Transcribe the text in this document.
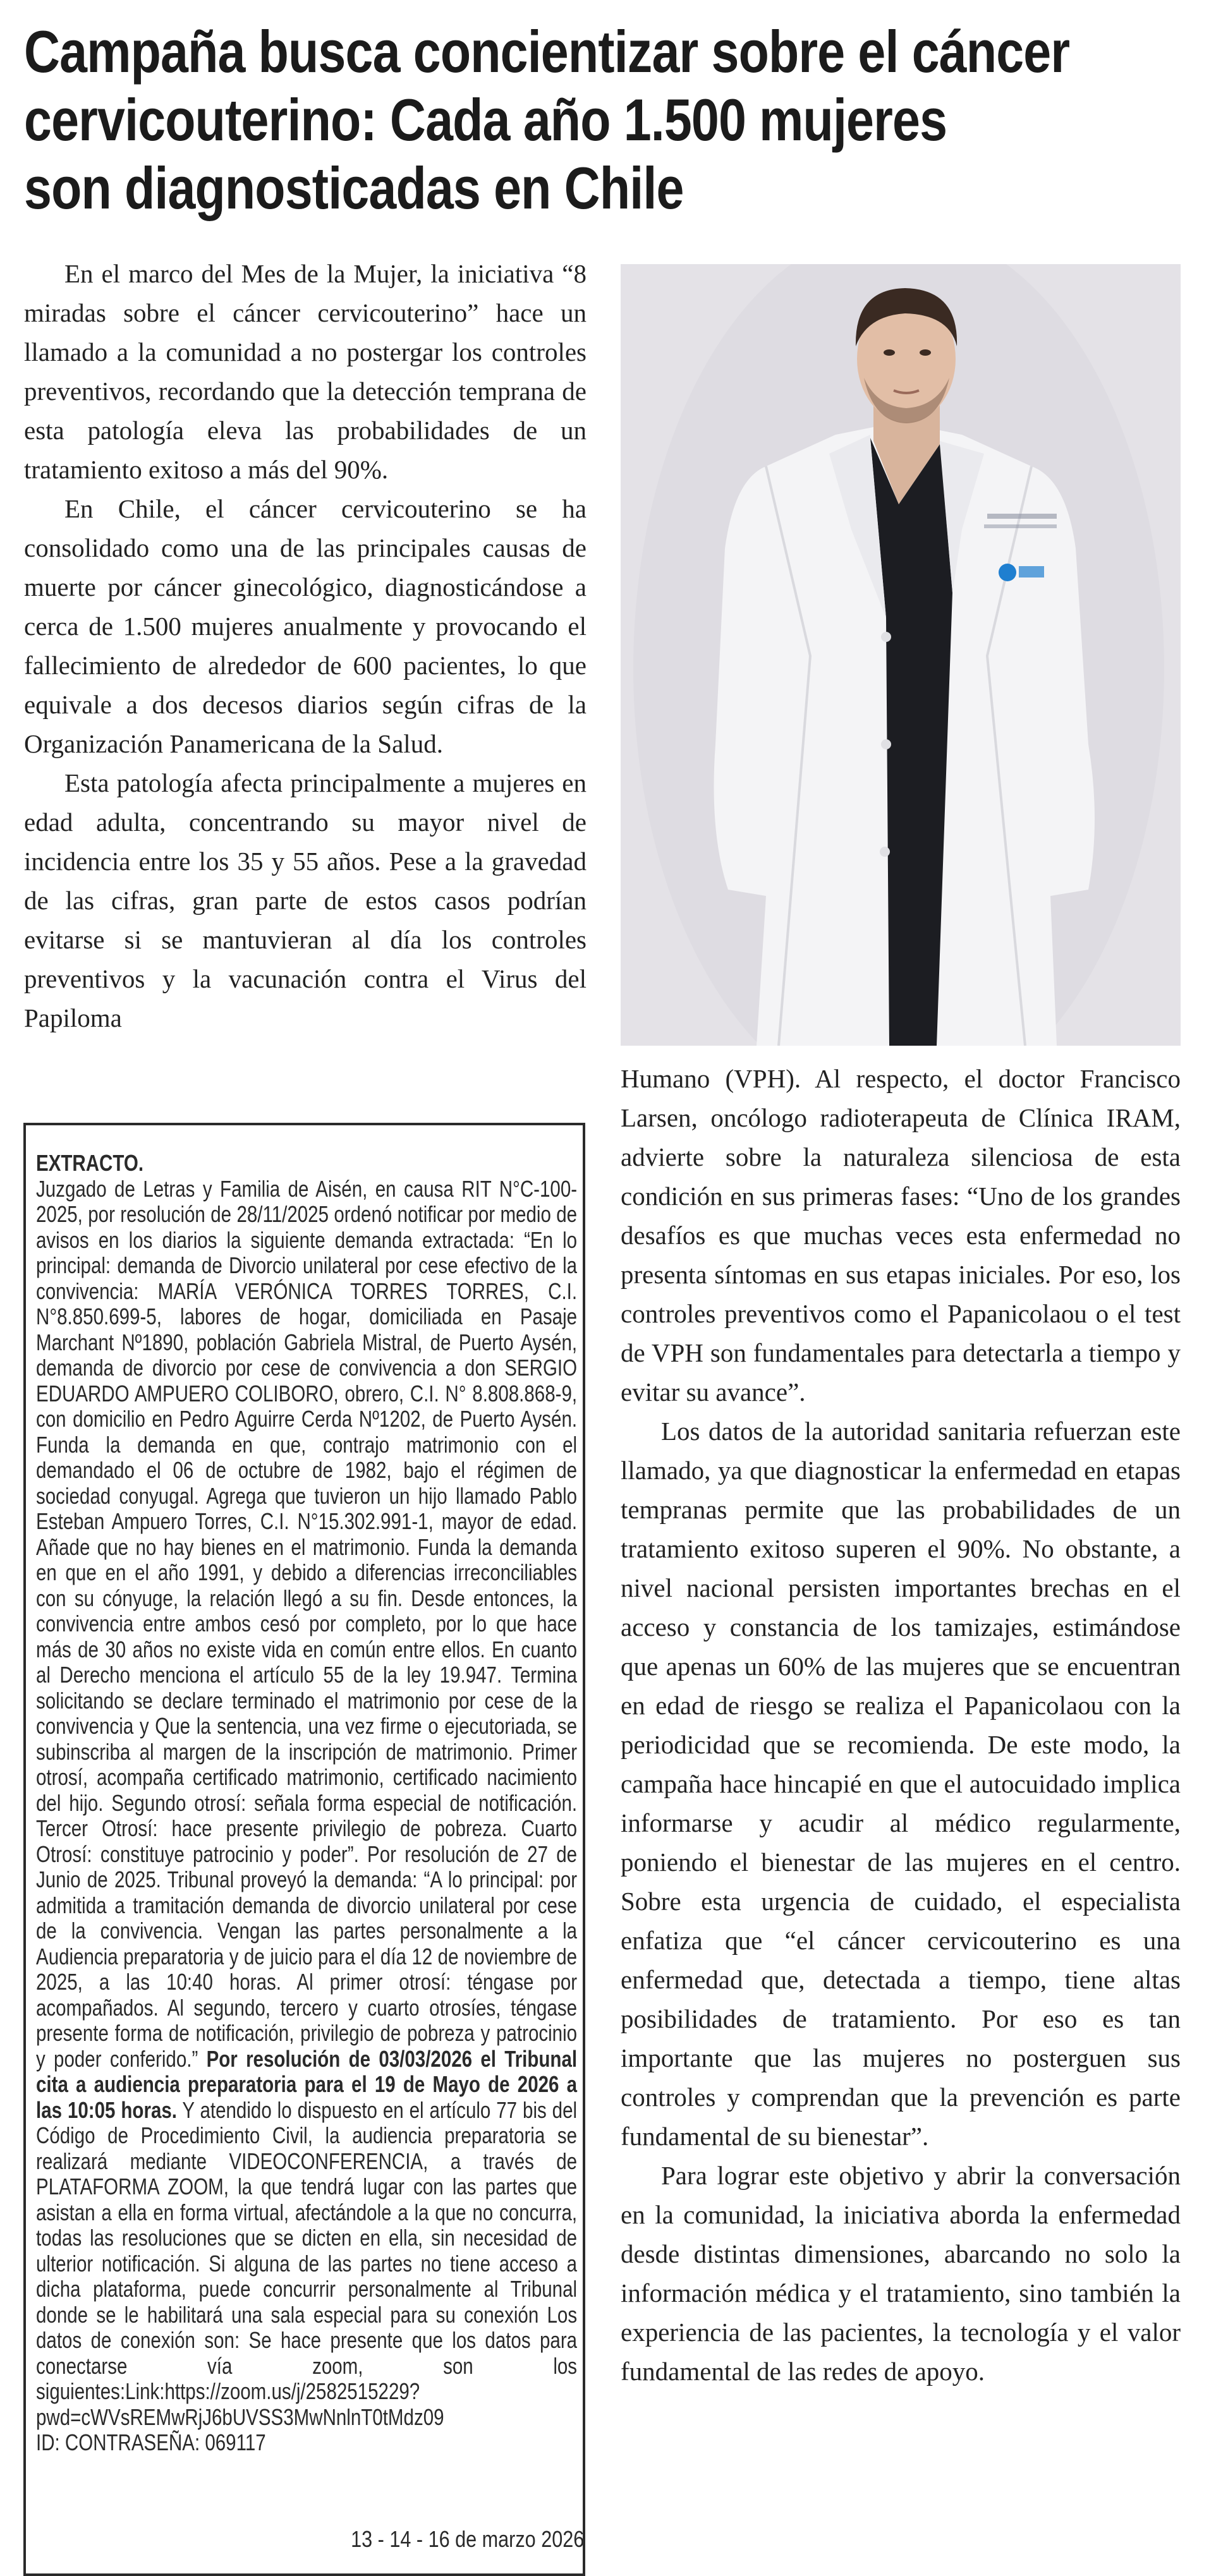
Campaña busca concientizar sobre el cáncer
cervicouterino: Cada año 1.500 mujeres
son diagnosticadas en Chile

En el marco del Mes de la Mujer, la iniciativa “8 miradas sobre el cáncer cervicouterino” hace un llamado a la comunidad a no postergar los controles preventivos, recordando que la detección temprana de esta patología eleva las probabilidades de un tratamiento exitoso a más del 90%.

En Chile, el cáncer cervicouterino se ha consolidado como una de las principales causas de muerte por cáncer ginecológico, diagnosticándose a cerca de 1.500 mujeres anualmente y provocando el fallecimiento de alrededor de 600 pacientes, lo que equivale a dos decesos diarios según cifras de la Organización Panamericana de la Salud.

Esta patología afecta principalmente a mujeres en edad adulta, concentrando su mayor nivel de incidencia entre los 35 y 55 años. Pese a la gravedad de las cifras, gran parte de estos casos podrían evitarse si se mantuvieran al día los controles preventivos y la vacunación contra el Virus del Papiloma

Humano (VPH). Al respecto, el doctor Francisco Larsen, oncólogo radioterapeuta de Clínica IRAM, advierte sobre la naturaleza silenciosa de esta condición en sus primeras fases: “Uno de los grandes desafíos es que muchas veces esta enfermedad no presenta síntomas en sus etapas iniciales. Por eso, los controles preventivos como el Papanicolaou o el test de VPH son fundamentales para detectarla a tiempo y evitar su avance”.

Los datos de la autoridad sanitaria refuerzan este llamado, ya que diagnosticar la enfermedad en etapas tempranas permite que las probabilidades de un tratamiento exitoso superen el 90%. No obstante, a nivel nacional persisten importantes brechas en el acceso y constancia de los tamizajes, estimándose que apenas un 60% de las mujeres que se encuentran en edad de riesgo se realiza el Papanicolaou con la periodicidad que se recomienda. De este modo, la campaña hace hincapié en que el autocuidado implica informarse y acudir al médico regularmente, poniendo el bienestar de las mujeres en el centro. Sobre esta urgencia de cuidado, el especialista enfatiza que “el cáncer cervicouterino es una enfermedad que, detectada a tiempo, tiene altas posibilidades de tratamiento. Por eso es tan importante que las mujeres no posterguen sus controles y comprendan que la prevención es parte fundamental de su bienestar”.

Para lograr este objetivo y abrir la conversación en la comunidad, la iniciativa aborda la enfermedad desde distintas dimensiones, abarcando no solo la información médica y el tratamiento, sino también la experiencia de las pacientes, la tecnología y el valor fundamental de las redes de apoyo.

EXTRACTO.
Juzgado de Letras y Familia de Aisén, en causa RIT N°C-100-2025, por resolución de 28/11/2025 ordenó notificar por medio de avisos en los diarios la siguiente demanda extractada: “En lo principal: demanda de Divorcio unilateral por cese efectivo de la convivencia: MARÍA VERÓNICA TORRES TORRES, C.I. N°8.850.699-5, labores de hogar, domiciliada en Pasaje Marchant Nº1890, población Gabriela Mistral, de Puerto Aysén, demanda de divorcio por cese de convivencia a don SERGIO EDUARDO AMPUERO COLIBORO, obrero, C.I. N° 8.808.868-9, con domicilio en Pedro Aguirre Cerda Nº1202, de Puerto Aysén. Funda la demanda en que, contrajo matrimonio con el demandado el 06 de octubre de 1982, bajo el régimen de sociedad conyugal. Agrega que tuvieron un hijo llamado Pablo Esteban Ampuero Torres, C.I. N°15.302.991-1, mayor de edad. Añade que no hay bienes en el matrimonio. Funda la demanda en que en el año 1991, y debido a diferencias irreconciliables con su cónyuge, la relación llegó a su fin. Desde entonces, la convivencia entre ambos cesó por completo, por lo que hace más de 30 años no existe vida en común entre ellos. En cuanto al Derecho menciona el artículo 55 de la ley 19.947. Termina solicitando se declare terminado el matrimonio por cese de la convivencia y Que la sentencia, una vez firme o ejecutoriada, se subinscriba al margen de la inscripción de matrimonio. Primer otrosí, acompaña certificado matrimonio, certificado nacimiento del hijo. Segundo otrosí: señala forma especial de notificación. Tercer Otrosí: hace presente privilegio de pobreza. Cuarto Otrosí: constituye patrocinio y poder”. Por resolución de 27 de Junio de 2025. Tribunal proveyó la demanda: “A lo principal: por admitida a tramitación demanda de divorcio unilateral por cese de la convivencia. Vengan las partes personalmente a la Audiencia preparatoria y de juicio para el día 12 de noviembre de 2025, a las 10:40 horas. Al primer otrosí: téngase por acompañados. Al segundo, tercero y cuarto otrosíes, téngase presente forma de notificación, privilegio de pobreza y patrocinio y poder conferido.” Por resolución de 03/03/2026 el Tribunal cita a audiencia preparatoria para el 19 de Mayo de 2026 a las 10:05 horas. Y atendido lo dispuesto en el artículo 77 bis del Código de Procedimiento Civil, la audiencia preparatoria se realizará mediante VIDEOCONFERENCIA, a través de PLATAFORMA ZOOM, la que tendrá lugar con las partes que asistan a ella en forma virtual, afectándole a la que no concurra, todas las resoluciones que se dicten en ella, sin necesidad de ulterior notificación. Si alguna de las partes no tiene acceso a dicha plataforma, puede concurrir personalmente al Tribunal donde se le habilitará una sala especial para su conexión Los datos de conexión son: Se hace presente que los datos para conectarse vía zoom, son los siguientes:Link:https://zoom.us/j/2582515229?
pwd=cWVsREMwRjJ6bUVSS3MwNnlnT0tMdz09
ID: CONTRASEÑA: 069117
13 - 14 - 16 de marzo 2026
